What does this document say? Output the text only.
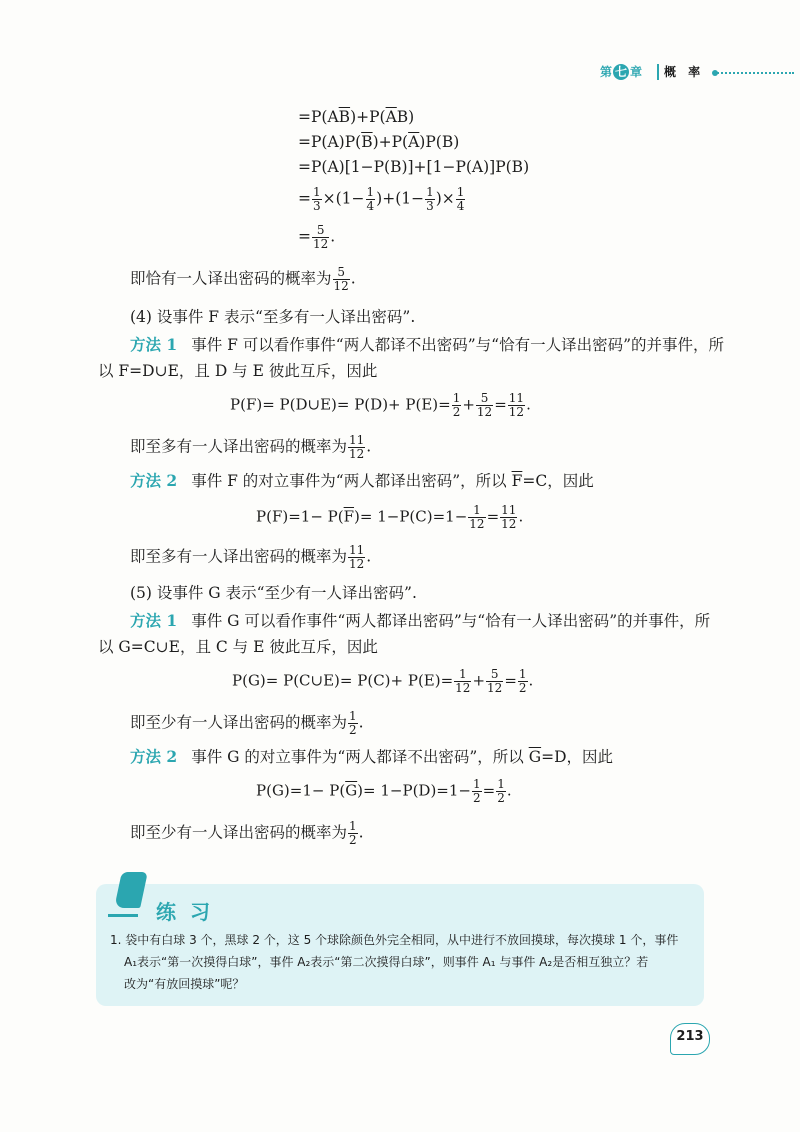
第 七 章	概 率
$=P(A\overline{B})+P(\overline{A}B)$
$=P(A)P(\overline{B})+P(\overline{A})P(B)$
=P(A)[1−P(B)]+[1−P(A)]P(B)
= $\frac{1}{3} \times(1- \frac{1}{4} )+(1- \frac{1}{3}$ )× $\frac{1}{4}$
= $\frac{5}{12}$ .
即恰有一人译出密码的概率为 $\frac{5}{12}$ .
(4) 设事件 F 表示“至多有一人译出密码”.
方法 1 事件 F 可以看作事件“两人都译不出密码”与“恰有一人译出密码”的并事件，所
以 F=D∪E，且 D 与 E 彼此互斥，因此
P(F)= P(D∪E)= $P(D)+ P(E)= \frac{1}{2} + \frac{5}{12} = \frac{11}{12}$ .
即至多有一人译出密码的概率为 $\frac{11}{12}$ .
方法 2 事件 F 的对立事件为“两人都译出密码”，所以 $\overline{F}=C$，因此
$P(F)=1- P(\overline{F})= 1-P(C)=1- \frac{1}{12} = \frac{11}{12}$ .
即至多有一人译出密码的概率为 $\frac{11}{12}$ .
(5) 设事件 G 表示“至少有一人译出密码”.
方法 1 事件 G 可以看作事件“两人都译出密码”与“恰有一人译出密码”的并事件，所
以 G=C∪E，且 C 与 E 彼此互斥，因此
P(G)= P(C∪E)= $P(C)+ P(E)= \frac{1}{12} + \frac{5}{12} = \frac{1}{2}$ .
即至少有一人译出密码的概率为 $\frac{1}{2}$ .
方法 2 事件 G 的对立事件为“两人都译不出密码”，所以 $\overline{G}=D$，因此
$P(G)=1- P(\overline{G})= 1-P(D)=1- \frac{1}{2} = \frac{1}{2}$ .
即至少有一人译出密码的概率为 $\frac{1}{2}$ .
练习
1. 袋中有白球 3 个，黑球 2 个，这 5 个球除颜色外完全相同，从中进行不放回摸球，每次摸球 1 个，事件
A₁表示“第一次摸得白球”，事件 A₂表示“第二次摸得白球”，则事件 A₁ 与事件 A₂是否相互独立？若
改为“有放回摸球”呢？
213
